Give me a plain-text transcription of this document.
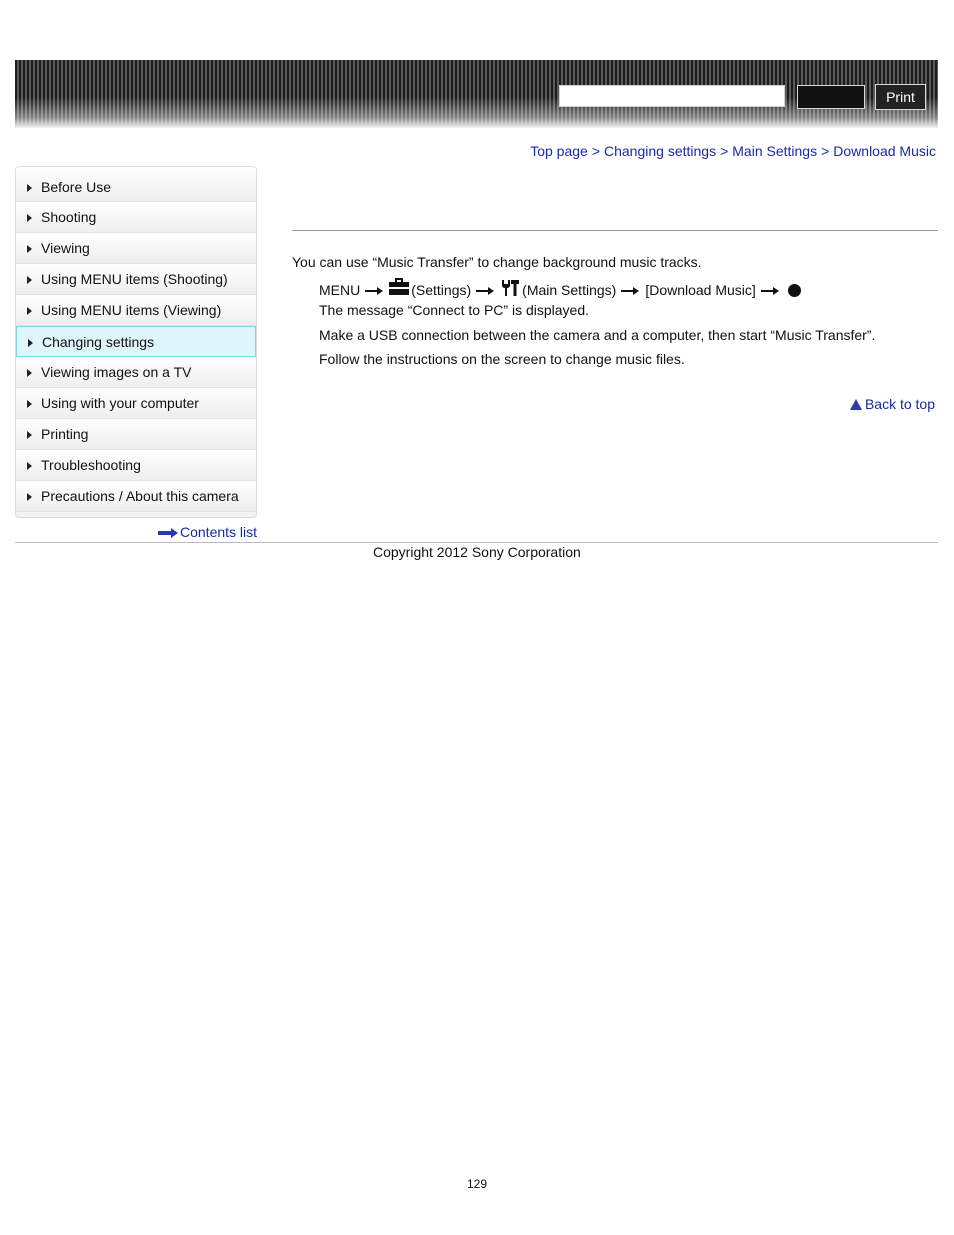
Print
Top page > Changing settings > Main Settings > Download Music
Before Use
Shooting
Viewing
Using MENU items (Shooting)
Using MENU items (Viewing)
Changing settings
Viewing images on a TV
Using with your computer
Printing
Troubleshooting
Precautions / About this camera
Contents list
You can use “Music Transfer” to change background music tracks.
MENU	(Settings)	(Main Settings) [Download Music]
The message “Connect to PC” is displayed.
Make a USB connection between the camera and a computer, then start “Music Transfer”.
Follow the instructions on the screen to change music files.
Back to top
Copyright 2012 Sony Corporation
129
